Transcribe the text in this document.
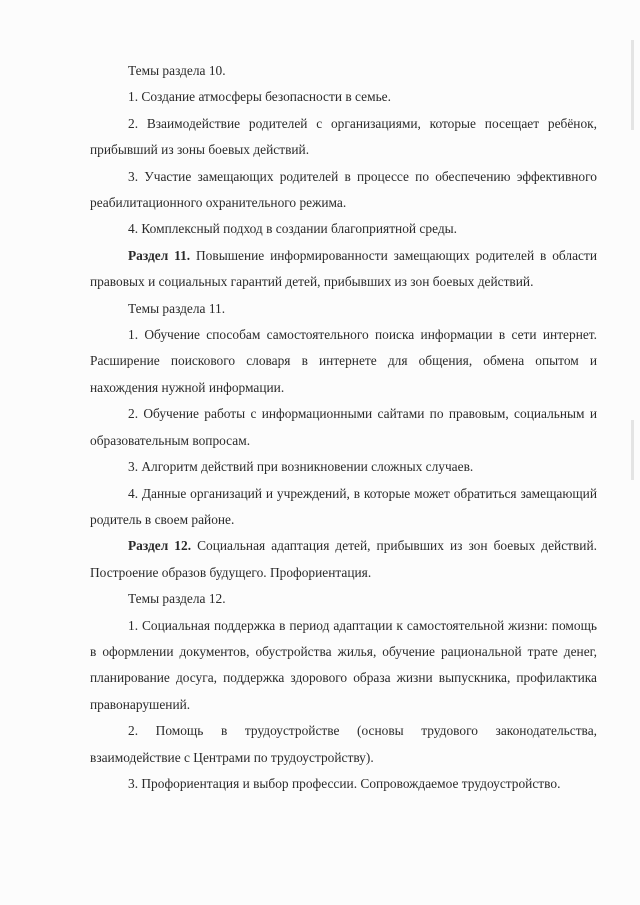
Темы раздела 10.

1. Создание атмосферы безопасности в семье.

2. Взаимодействие родителей с организациями, которые посещает ребёнок, прибывший из зоны боевых действий.

3. Участие замещающих родителей в процессе по обеспечению эффективного реабилитационного охранительного режима.

4. Комплексный подход в создании благоприятной среды.

Раздел 11. Повышение информированности замещающих родителей в области правовых и социальных гарантий детей, прибывших из зон боевых действий.

Темы раздела 11.

1. Обучение способам самостоятельного поиска информации в сети интернет. Расширение поискового словаря в интернете для общения, обмена опытом и нахождения нужной информации.

2. Обучение работы с информационными сайтами по правовым, социальным и образовательным вопросам.

3. Алгоритм действий при возникновении сложных случаев.

4. Данные организаций и учреждений, в которые может обратиться замещающий родитель в своем районе.

Раздел 12. Социальная адаптация детей, прибывших из зон боевых действий. Построение образов будущего. Профориентация.

Темы раздела 12.

1. Социальная поддержка в период адаптации к самостоятельной жизни: помощь в оформлении документов, обустройства жилья, обучение рациональной трате денег, планирование досуга, поддержка здорового образа жизни выпускника, профилактика правонарушений.

2. Помощь в трудоустройстве (основы трудового законодательства, взаимодействие с Центрами по трудоустройству).

3. Профориентация и выбор профессии. Сопровождаемое трудоустройство.
